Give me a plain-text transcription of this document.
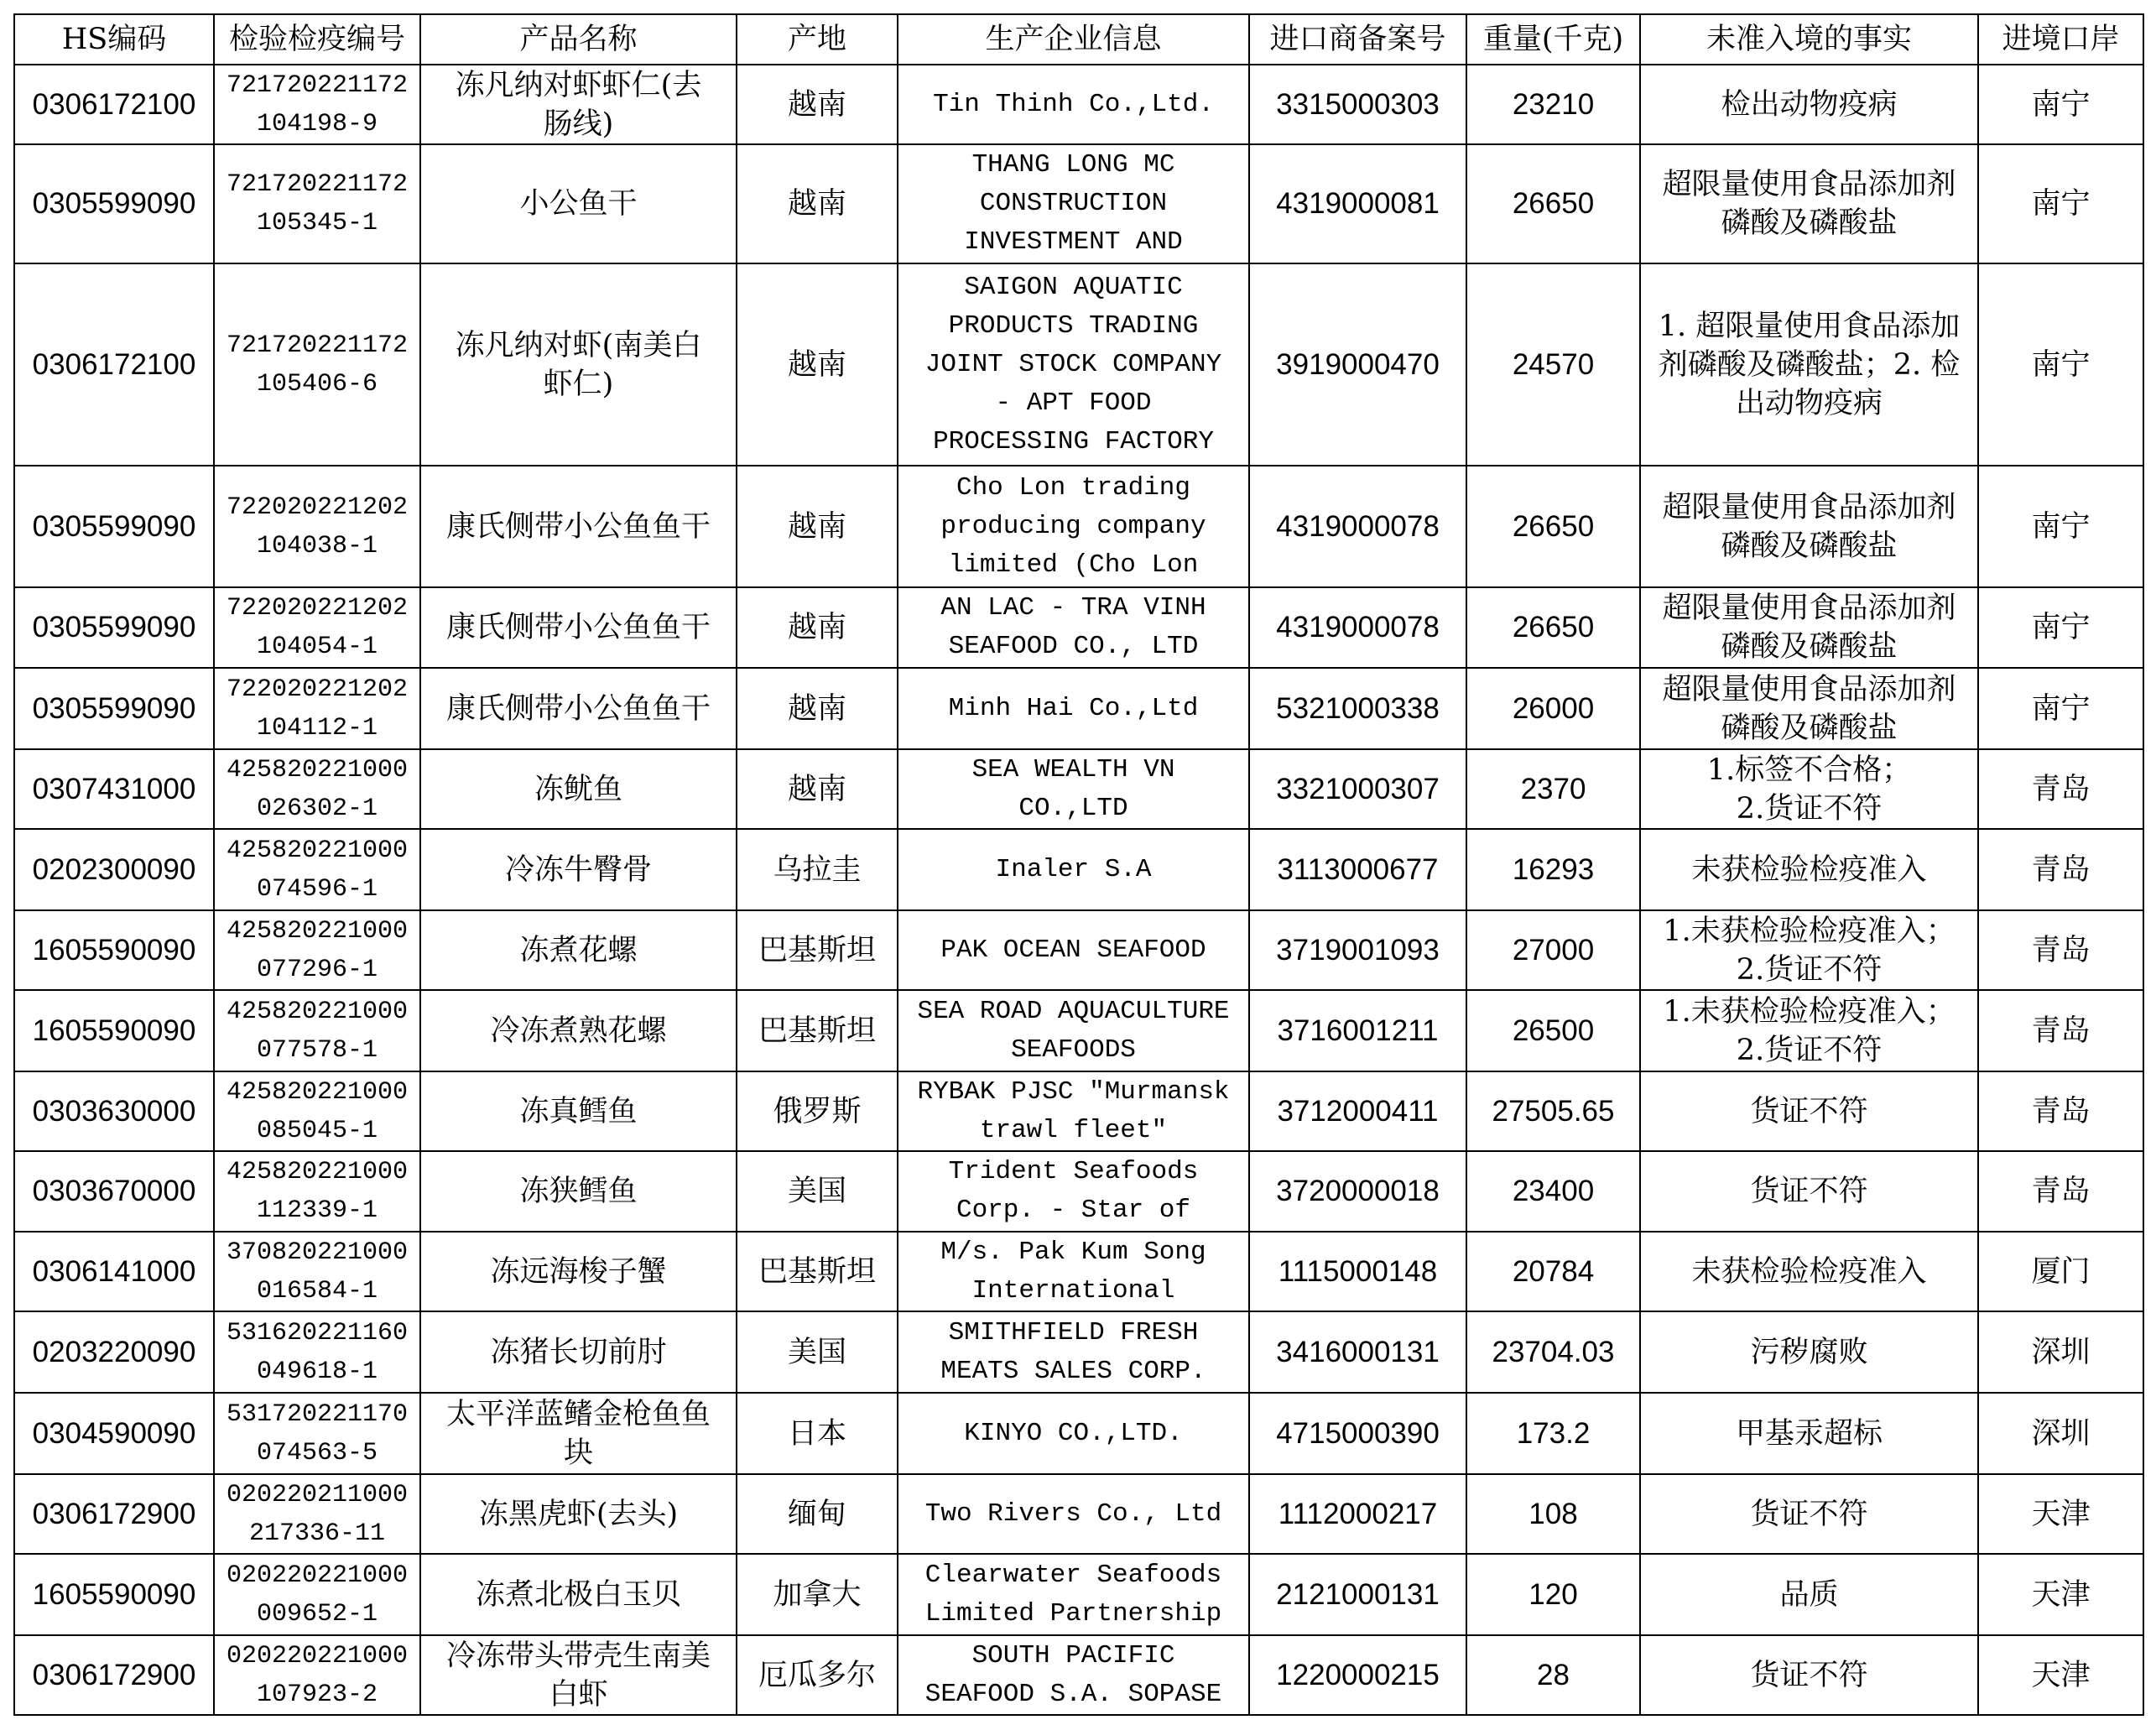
HS编码	检验检疫编号	产品名称	产地	生产企业信息	进口商备案号	重量(千克)	未准入境的事实	进境口岸

0306172100	721720221172
104198-9	冻凡纳对虾虾仁(去
肠线)	越南	Tin Thinh Co.,Ltd.	3315000303	23210	检出动物疫病	南宁

0305599090	721720221172
105345-1	小公鱼干	越南	THANG LONG MC
CONSTRUCTION
INVESTMENT AND	4319000081	26650	超限量使用食品添加剂
磷酸及磷酸盐	南宁

0306172100	721720221172
105406-6	冻凡纳对虾(南美白
虾仁)	越南	SAIGON AQUATIC
PRODUCTS TRADING
JOINT STOCK COMPANY
- APT FOOD
PROCESSING FACTORY	3919000470	24570	1. 超限量使用食品添加
剂磷酸及磷酸盐；2. 检
出动物疫病	南宁

0305599090	722020221202
104038-1	康氏侧带小公鱼鱼干	越南	Cho Lon trading
producing company
limited (Cho Lon	4319000078	26650	超限量使用食品添加剂
磷酸及磷酸盐	南宁

0305599090	722020221202
104054-1	康氏侧带小公鱼鱼干	越南	AN LAC - TRA VINH
SEAFOOD CO., LTD	4319000078	26650	超限量使用食品添加剂
磷酸及磷酸盐	南宁

0305599090	722020221202
104112-1	康氏侧带小公鱼鱼干	越南	Minh Hai Co.,Ltd	5321000338	26000	超限量使用食品添加剂
磷酸及磷酸盐	南宁

0307431000	425820221000
026302-1	冻鱿鱼	越南	SEA WEALTH VN
CO.,LTD	3321000307	2370	1.标签不合格；
2.货证不符	青岛

0202300090	425820221000
074596-1	冷冻牛臀骨	乌拉圭	Inaler S.A	3113000677	16293	未获检验检疫准入	青岛

1605590090	425820221000
077296-1	冻煮花螺	巴基斯坦	PAK OCEAN SEAFOOD	3719001093	27000	1.未获检验检疫准入；
2.货证不符	青岛

1605590090	425820221000
077578-1	冷冻煮熟花螺	巴基斯坦	SEA ROAD AQUACULTURE
SEAFOODS	3716001211	26500	1.未获检验检疫准入；
2.货证不符	青岛

0303630000	425820221000
085045-1	冻真鳕鱼	俄罗斯	RYBAK PJSC "Murmansk
trawl fleet"	3712000411	27505.65	货证不符	青岛

0303670000	425820221000
112339-1	冻狭鳕鱼	美国	Trident Seafoods
Corp. - Star of	3720000018	23400	货证不符	青岛

0306141000	370820221000
016584-1	冻远海梭子蟹	巴基斯坦	M/s. Pak Kum Song
International	1115000148	20784	未获检验检疫准入	厦门

0203220090	531620221160
049618-1	冻猪长切前肘	美国	SMITHFIELD FRESH
MEATS SALES CORP.	3416000131	23704.03	污秽腐败	深圳

0304590090	531720221170
074563-5	太平洋蓝鳍金枪鱼鱼
块	日本	KINYO CO.,LTD.	4715000390	173.2	甲基汞超标	深圳

0306172900	020220211000
217336-11	冻黑虎虾(去头)	缅甸	Two Rivers Co., Ltd	1112000217	108	货证不符	天津

1605590090	020220221000
009652-1	冻煮北极白玉贝	加拿大	Clearwater Seafoods
Limited Partnership	2121000131	120	品质	天津

0306172900	020220221000
107923-2	冷冻带头带壳生南美
白虾	厄瓜多尔	SOUTH PACIFIC
SEAFOOD S.A. SOPASE	1220000215	28	货证不符	天津
